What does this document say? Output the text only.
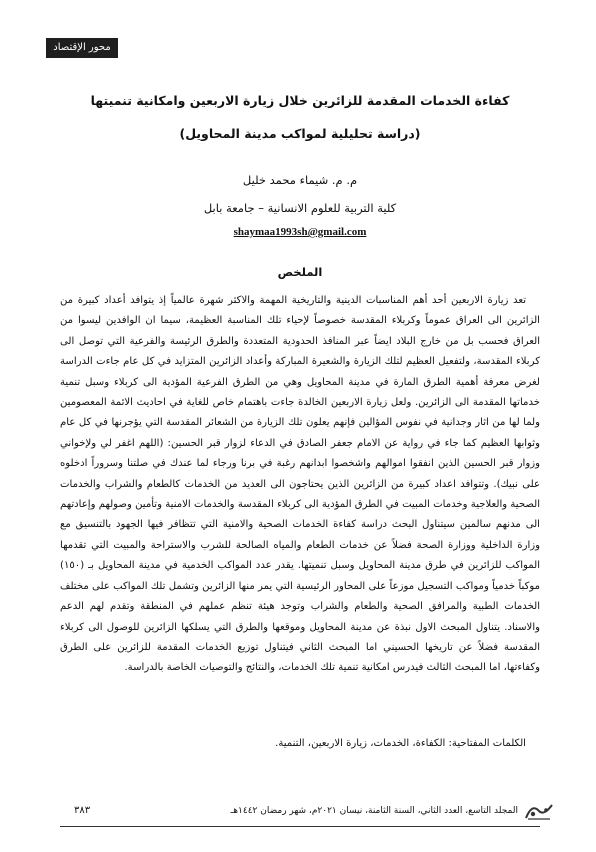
محور الإقتصاد
كفاءة الخدمات المقدمة للزائرين خلال زيارة الاربعين وامكانية تنميتها
(دراسة تحليلية لمواكب مدينة المحاويل)
م. م. شيماء محمد خليل
كلية التربية للعلوم الانسانية – جامعة بابل
shaymaa1993sh@gmail.com
الملخص
تعد زيارة الاربعين أحد أهم المناسبات الدينية والتاريخية المهمة والاكثر شهرة عالمياً إذ يتوافد أعداد كبيرة من الزائرين الى العراق عموماً وكربلاء المقدسة خصوصاً لإحياء تلك المناسبة العظيمة، سيما ان الوافدين ليسوا من العراق فحسب بل من خارج البلاد ايضاً عبر المنافذ الحدودية المتعددة والطرق الرئيسة والفرعية التي توصل الى كربلاء المقدسة، ولتفعيل العظيم لتلك الزيارة والشعيرة المباركة وأعداد الزائرين المتزايد في كل عام جاءت الدراسة لغرض معرفة أهمية الطرق المارة في مدينة المحاويل وهي من الطرق الفرعية المؤدية الى كربلاء وسبل تنمية خدماتها المقدمة الى الزائرين. ولعل زيارة الاربعين الخالدة جاءت باهتمام خاص للغاية في احاديث الائمة المعصومين ولما لها من اثار وجدانية في نفوس المؤالين فإنهم يعلون تلك الزيارة من الشعائر المقدسة التي يؤجرنها في كل عام وثوابها العظيم كما جاء في رواية عن الامام جعفر الصادق في الدعاء لزوار قبر الحسين: (اللهم اغفر لي ولإخواني وزوار قبر الحسين الذين انفقوا اموالهم واشخصوا ابدانهم رغبة في برنا ورجاء لما عندك في صلتنا وسروراً ادخلوه على نبيك). وتتوافد اعداد كبيرة من الزائرين الذين يحتاجون الى العديد من الخدمات كالطعام والشراب والخدمات الصحية والعلاجية وخدمات المبيت في الطرق المؤدية الى كربلاء المقدسة والخدمات الامنية وتأمين وصولهم وإعادتهم الى مدنهم سالمين سيتناول البحث دراسة كفاءة الخدمات الصحية والامنية التي تتظافر فيها الجهود بالتنسيق مع وزارة الداخلية ووزارة الصحة فضلاً عن خدمات الطعام والمياه الصالحة للشرب والاستراحة والمبيت التي تقدمها المواكب للزائرين في طرق مدينة المحاويل وسبل تنميتها. يقدر عدد المواكب الخدمية في مدينة المحاويل بـ (١٥٠) موكباً خدمياً ومواكب التسجيل موزعاً على المحاور الرئيسية التي يمر منها الزائرين وتشمل تلك المواكب على مختلف الخدمات الطبية والمرافق الصحية والطعام والشراب وتوجد هيئة تنظم عملهم في المنطقة وتقدم لهم الدعم والاسناد. يتناول المبحث الاول نبذة عن مدينة المحاويل وموقعها والطرق التي يسلكها الزائرين للوصول الى كربلاء المقدسة فضلاً عن تاريخها الحسيني اما المبحث الثاني فيتناول توزيع الخدمات المقدمة للزائرين على الطرق وكفاءتها، اما المبحث الثالث فيدرس امكانية تنمية تلك الخدمات، والنتائج والتوصيات الخاصة بالدراسة.
الكلمات المفتاحية: الكفاءة، الخدمات، زيارة الاربعين، التنمية.
المجلد التاسع، العدد الثاني، السنة الثامنة، نيسان ٢٠٢١م، شهر رمضان ١٤٤٢هـ
٣٨٣
